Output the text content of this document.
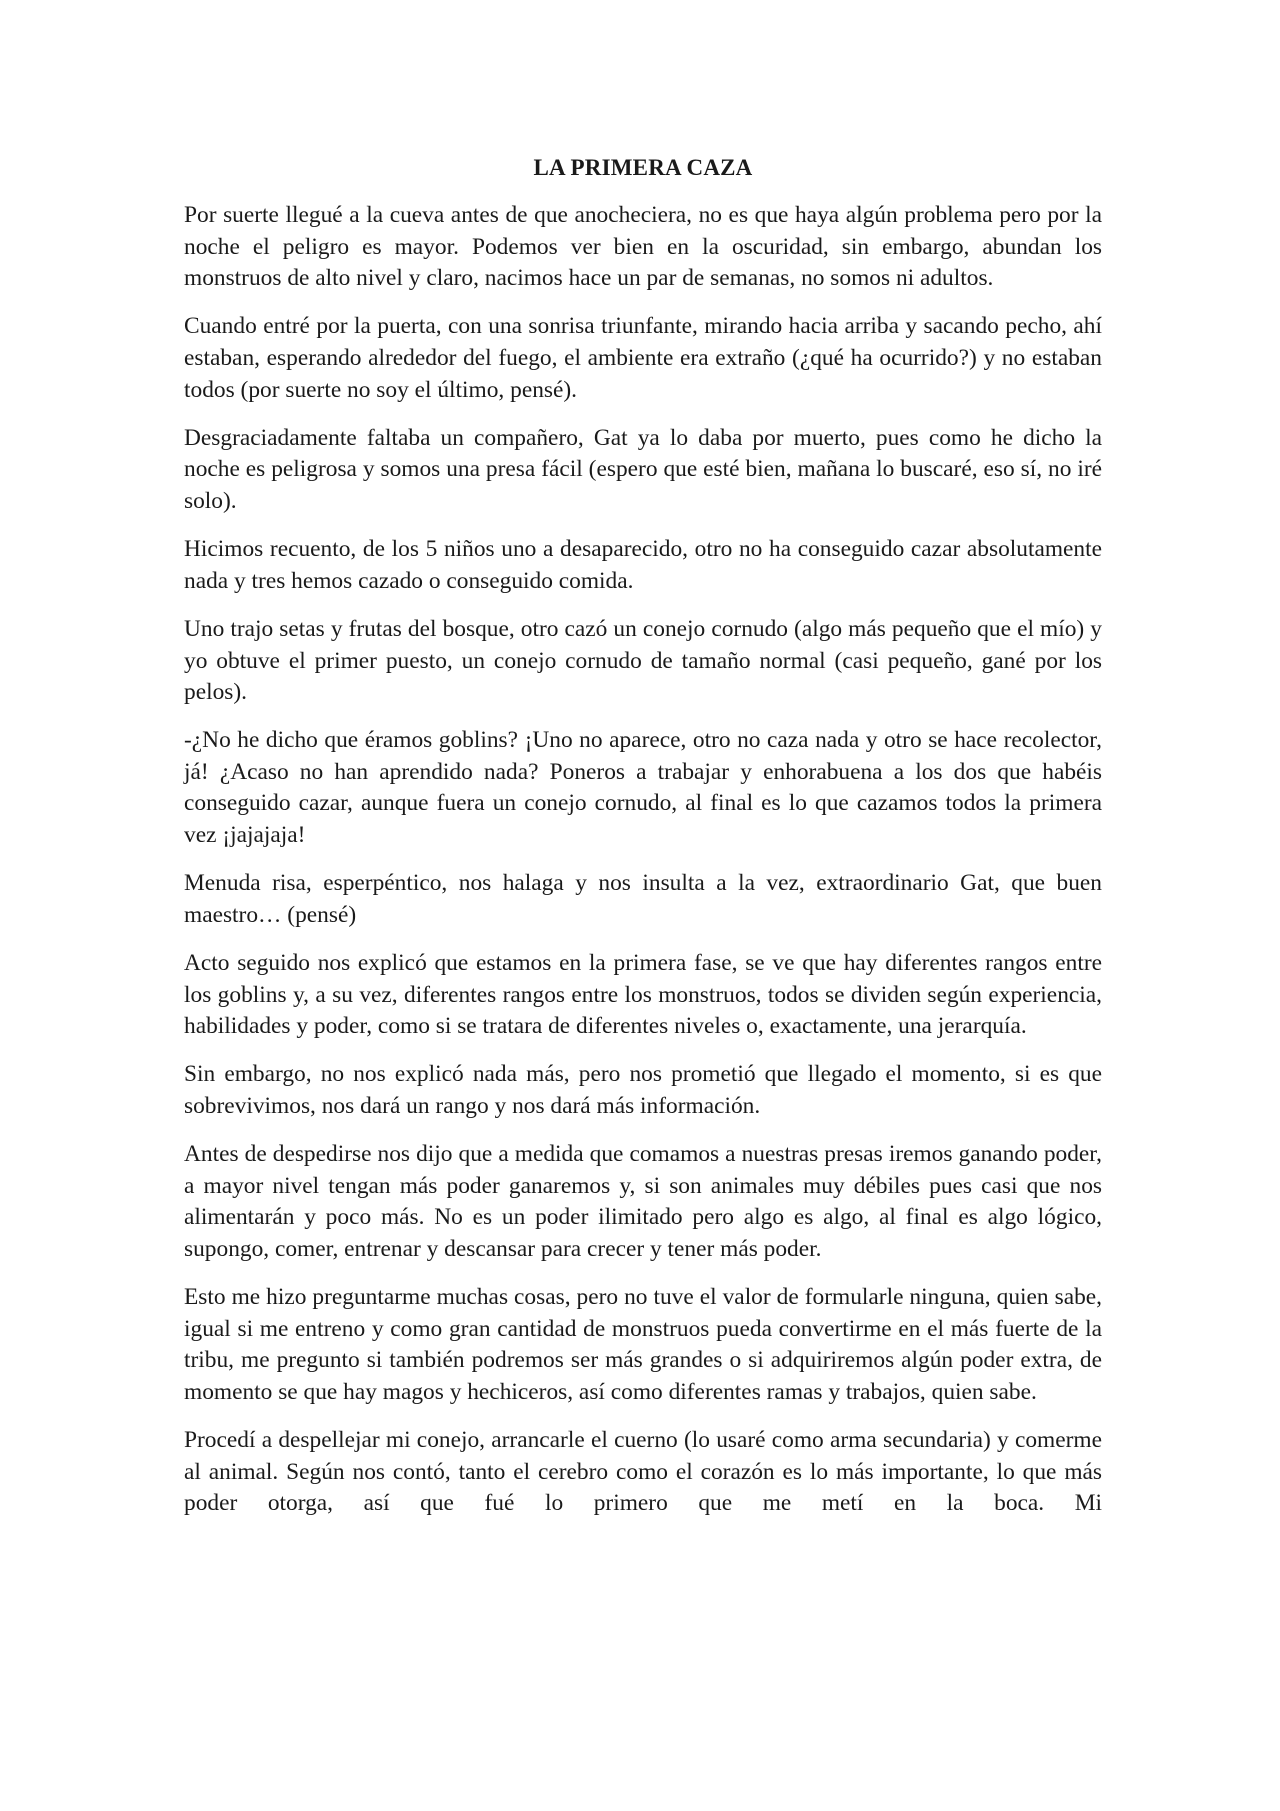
LA PRIMERA CAZA

Por suerte llegué a la cueva antes de que anocheciera, no es que haya algún problema pero por la noche el peligro es mayor. Podemos ver bien en la oscuridad, sin embargo, abundan los monstruos de alto nivel y claro, nacimos hace un par de semanas, no somos ni adultos.

Cuando entré por la puerta, con una sonrisa triunfante, mirando hacia arriba y sacando pecho, ahí estaban, esperando alrededor del fuego, el ambiente era extraño (¿qué ha ocurrido?) y no estaban todos (por suerte no soy el último, pensé).

Desgraciadamente faltaba un compañero, Gat ya lo daba por muerto, pues como he dicho la noche es peligrosa y somos una presa fácil (espero que esté bien, mañana lo buscaré, eso sí, no iré solo).

Hicimos recuento, de los 5 niños uno a desaparecido, otro no ha conseguido cazar absolutamente nada y tres hemos cazado o conseguido comida.

Uno trajo setas y frutas del bosque, otro cazó un conejo cornudo (algo más pequeño que el mío) y yo obtuve el primer puesto, un conejo cornudo de tamaño normal (casi pequeño, gané por los pelos).

-¿No he dicho que éramos goblins? ¡Uno no aparece, otro no caza nada y otro se hace recolector, já! ¿Acaso no han aprendido nada? Poneros a trabajar y enhorabuena a los dos que habéis conseguido cazar, aunque fuera un conejo cornudo, al final es lo que cazamos todos la primera vez ¡jajajaja!

Menuda risa, esperpéntico, nos halaga y nos insulta a la vez, extraordinario Gat, que buen maestro… (pensé)

Acto seguido nos explicó que estamos en la primera fase, se ve que hay diferentes rangos entre los goblins y, a su vez, diferentes rangos entre los monstruos, todos se dividen según experiencia, habilidades y poder, como si se tratara de diferentes niveles o, exactamente, una jerarquía.

Sin embargo, no nos explicó nada más, pero nos prometió que llegado el momento, si es que sobrevivimos, nos dará un rango y nos dará más información.

Antes de despedirse nos dijo que a medida que comamos a nuestras presas iremos ganando poder, a mayor nivel tengan más poder ganaremos y, si son animales muy débiles pues casi que nos alimentarán y poco más. No es un poder ilimitado pero algo es algo, al final es algo lógico, supongo, comer, entrenar y descansar para crecer y tener más poder.

Esto me hizo preguntarme muchas cosas, pero no tuve el valor de formularle ninguna, quien sabe, igual si me entreno y como gran cantidad de monstruos pueda convertirme en el más fuerte de la tribu, me pregunto si también podremos ser más grandes o si adquiriremos algún poder extra, de momento se que hay magos y hechiceros, así como diferentes ramas y trabajos, quien sabe.

Procedí a despellejar mi conejo, arrancarle el cuerno (lo usaré como arma secundaria) y comerme al animal. Según nos contó, tanto el cerebro como el corazón es lo más importante, lo que más poder otorga, así que fué lo primero que me metí en la boca. Mi
